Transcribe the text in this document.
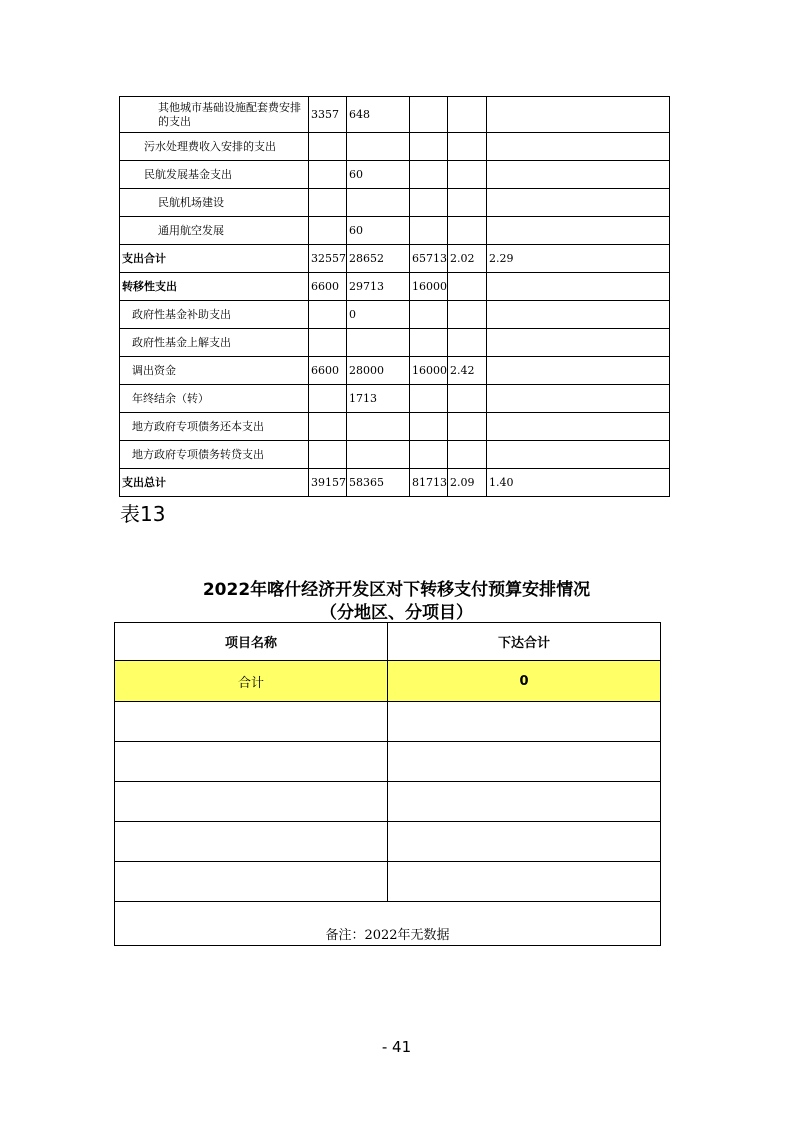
其他城市基础设施配套费安排的支出	3357	648			
污水处理费收入安排的支出					
民航发展基金支出		60			
民航机场建设					
通用航空发展		60			
支出合计	32557	28652	65713	2.02	2.29
转移性支出	6600	29713	16000		
政府性基金补助支出		0			
政府性基金上解支出					
调出资金	6600	28000	16000	2.42	
年终结余（转）		1713			
地方政府专项债务还本支出					
地方政府专项债务转贷支出					
支出总计	39157	58365	81713	2.09	1.40
表13
2022年喀什经济开发区对下转移支付预算安排情况
（分地区、分项目）
项目名称	下达合计
合计	0

备注：2022年无数据	
- 41
